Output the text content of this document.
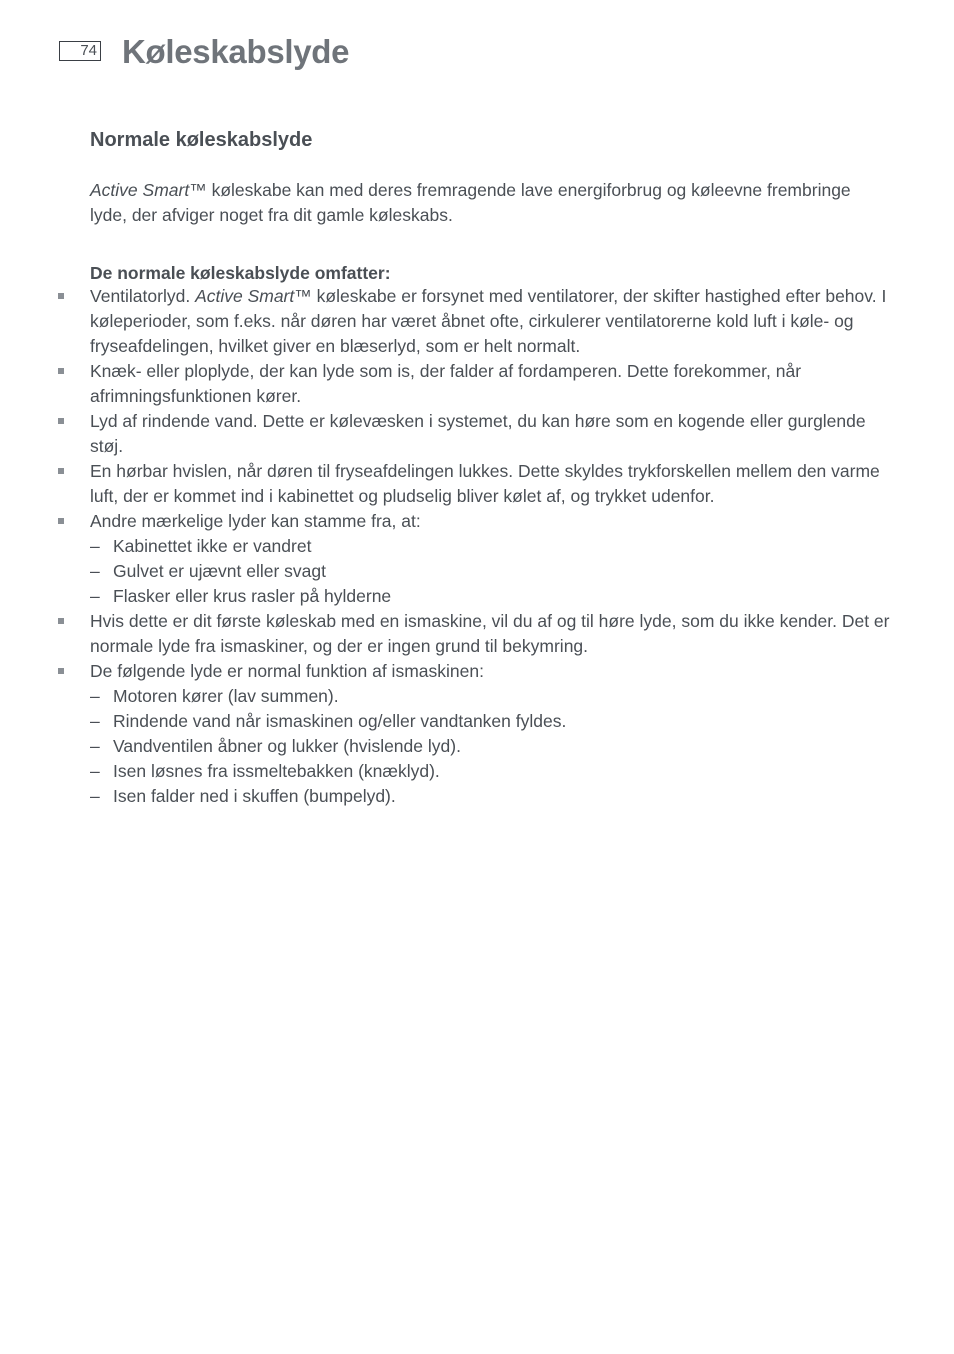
74 Køleskabslyde
Normale køleskabslyde

Active Smart™ køleskabe kan med deres fremragende lave energiforbrug og køleevne frembringe lyde, der afviger noget fra dit gamle køleskabs.

De normale køleskabslyde omfatter:

Ventilatorlyd. Active Smart™ køleskabe er forsynet med ventilatorer, der skifter hastighed efter behov. I køleperioder, som f.eks. når døren har været åbnet ofte, cirkulerer ventilatorerne kold luft i køle- og fryseafdelingen, hvilket giver en blæserlyd, som er helt normalt.
Knæk- eller ploplyde, der kan lyde som is, der falder af fordamperen. Dette forekommer, når afrimningsfunktionen kører.
Lyd af rindende vand. Dette er kølevæsken i systemet, du kan høre som en kogende eller gurglende støj.
En hørbar hvislen, når døren til fryseafdelingen lukkes. Dette skyldes trykforskellen mellem den varme luft, der er kommet ind i kabinettet og pludselig bliver kølet af, og trykket udenfor.
Andre mærkelige lyder kan stamme fra, at:
– Kabinettet ikke er vandret
– Gulvet er ujævnt eller svagt
– Flasker eller krus rasler på hylderne
Hvis dette er dit første køleskab med en ismaskine, vil du af og til høre lyde, som du ikke kender. Det er normale lyde fra ismaskiner, og der er ingen grund til bekymring.
De følgende lyde er normal funktion af ismaskinen:
– Motoren kører (lav summen).
– Rindende vand når ismaskinen og/eller vandtanken fyldes.
– Vandventilen åbner og lukker (hvislende lyd).
– Isen løsnes fra issmeltebakken (knæklyd).
– Isen falder ned i skuffen (bumpelyd).
